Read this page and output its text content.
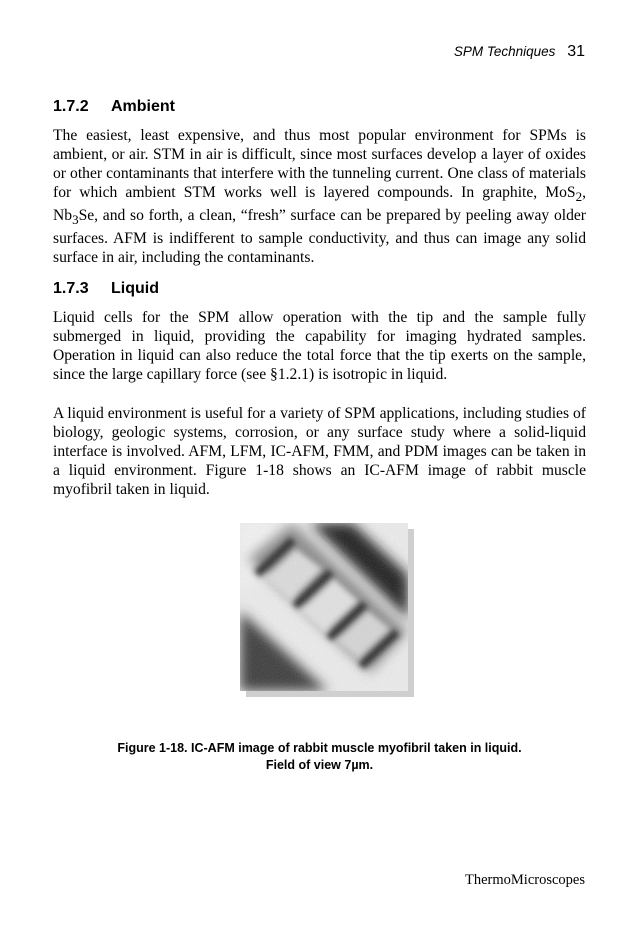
SPM Techniques 31
1.7.2 Ambient

The easiest, least expensive, and thus most popular environment for SPMs is ambient, or air. STM in air is difficult, since most surfaces develop a layer of oxides or other contaminants that interfere with the tunneling current. One class of materials for which ambient STM works well is layered compounds. In graphite, MoS$_2$, $Nb_3Se$, and so forth, a clean, “fresh” surface can be prepared by peeling away older surfaces. AFM is indifferent to sample conductivity, and thus can image any solid surface in air, including the contaminants.

1.7.3 Liquid

Liquid cells for the SPM allow operation with the tip and the sample fully submerged in liquid, providing the capability for imaging hydrated samples. Operation in liquid can also reduce the total force that the tip exerts on the sample, since the large capillary force (see §1.2.1) is isotropic in liquid.

A liquid environment is useful for a variety of SPM applications, including studies of biology, geologic systems, corrosion, or any surface study where a solid-liquid interface is involved. AFM, LFM, IC-AFM, FMM, and PDM images can be taken in a liquid environment. Figure 1-18 shows an IC-AFM image of rabbit muscle myofibril taken in liquid.

Figure 1-18. IC-AFM image of rabbit muscle myofibril taken in liquid.
Field of view 7µm.
ThermoMicroscopes
